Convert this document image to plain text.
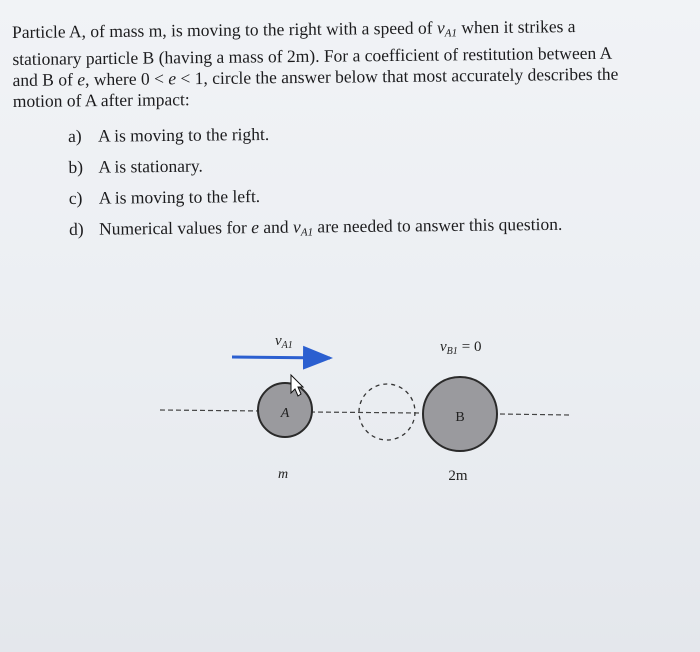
Particle A, of mass m, is moving to the right with a speed of $v_{A1}$ when it strikes a
stationary particle B (having a mass of 2m). For a coefficient of restitution between A
and B of e, where 0 < e < 1, circle the answer below that most accurately describes the
motion of A after impact:
a) A is moving to the right.
b) A is stationary.
c) A is moving to the left.
d) Numerical values for e and $v_{A1}$ are needed to answer this question.
$v_{A1}$
A	B
$v_{B1} = 0$
m	2m
